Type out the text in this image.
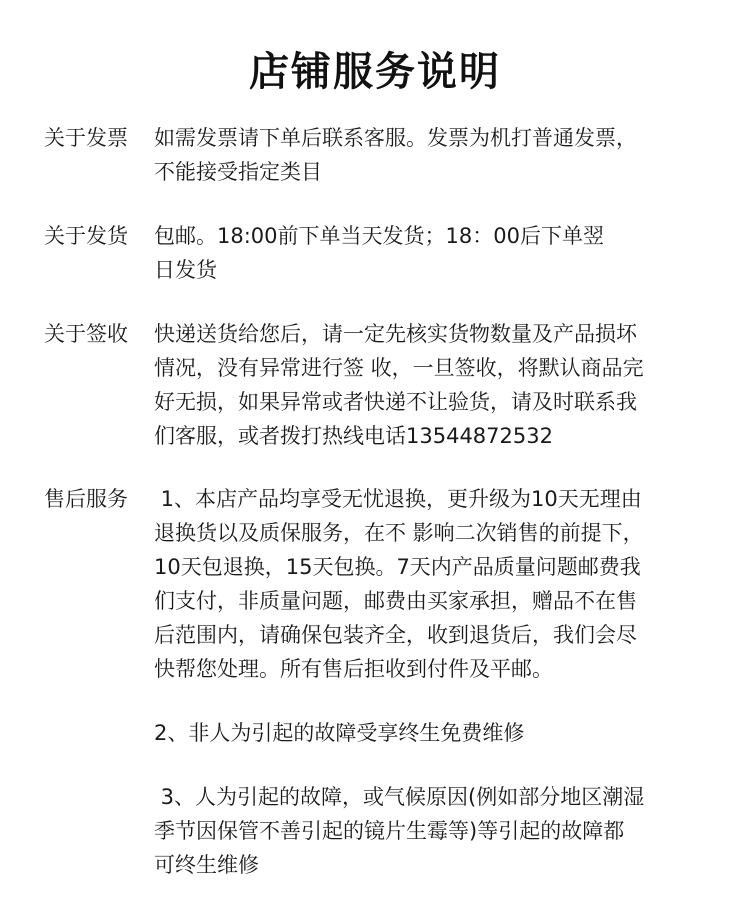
店铺服务说明
关于发票	如需发票请下单后联系客服。发票为机打普通发票，
不能接受指定类目
关于发货	包邮。18:00前下单当天发货；18：00后下单翌
日发货
关于签收	快递送货给您后，请一定先核实货物数量及产品损坏
情况，没有异常进行签 收，一旦签收，将默认商品完
好无损，如果异常或者快递不让验货，请及时联系我
们客服，或者拨打热线电话13544872532
售后服务	1、本店产品均享受无忧退换，更升级为10天无理由
退换货以及质保服务，在不 影响二次销售的前提下，
10天包退换，15天包换。7天内产品质量问题邮费我
们支付，非质量问题，邮费由买家承担，赠品不在售
后范围内，请确保包装齐全，收到退货后，我们会尽
快帮您处理。所有售后拒收到付件及平邮。
2、非人为引起的故障受享终生免费维修
3、人为引起的故障，或气候原因(例如部分地区潮湿
季节因保管不善引起的镜片生霉等)等引起的故障都
可终生维修
